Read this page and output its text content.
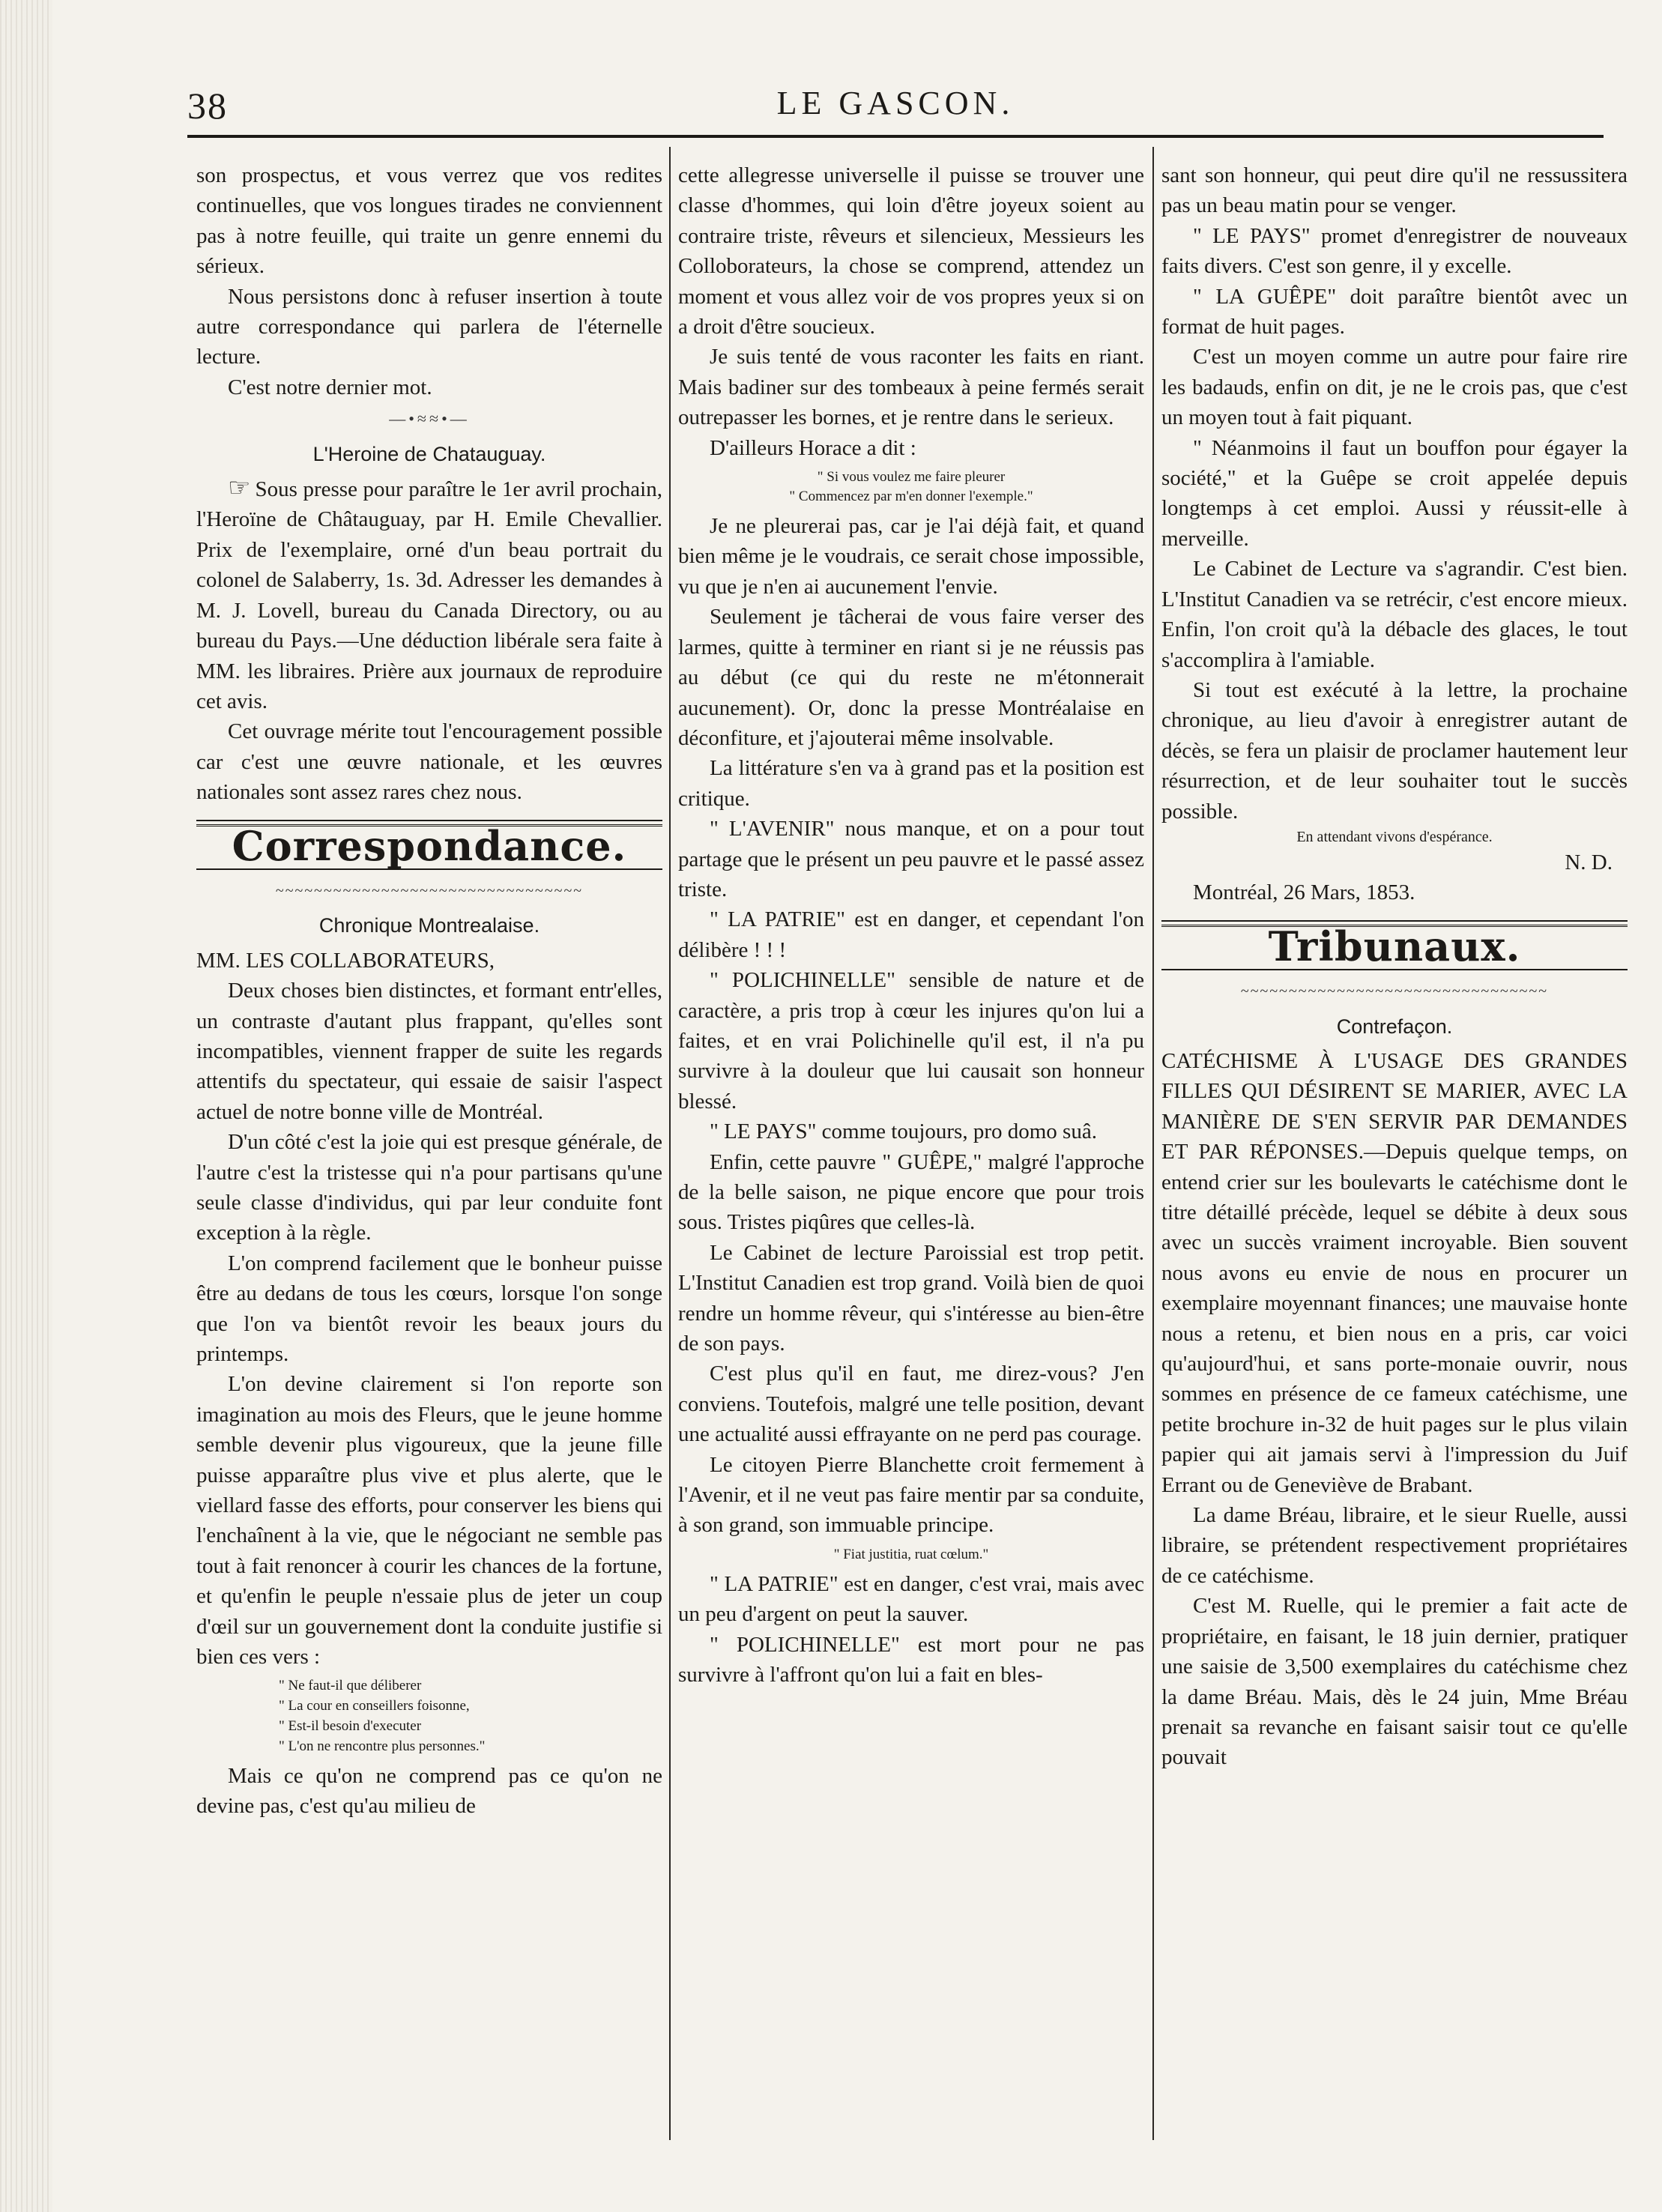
38	LE GASCON.

son prospectus, et vous verrez que vos redites continuelles, que vos longues tirades ne conviennent pas à notre feuille, qui traite un genre ennemi du sérieux.

Nous persistons donc à refuser insertion à toute autre correspondance qui parlera de l'éternelle lecture.

C'est notre dernier mot.

—•≈≈•—
L'Heroine de Chatauguay.

☞ Sous presse pour paraître le 1er avril prochain, l'Heroïne de Châtauguay, par H. Emile Chevallier. Prix de l'exemplaire, orné d'un beau portrait du colonel de Salaberry, 1s. 3d. Adresser les demandes à M. J. Lovell, bureau du Canada Directory, ou au bureau du Pays.—Une déduction libérale sera faite à MM. les libraires. Prière aux journaux de reproduire cet avis.

Cet ouvrage mérite tout l'encouragement possible car c'est une œuvre nationale, et les œuvres nationales sont assez rares chez nous.

Correspondance.
~~~~~~~~~~~~~~~~~~~~~~~~~~~~~~~~
Chronique Montrealaise.

MM. LES COLLABORATEURS,

Deux choses bien distinctes, et formant entr'elles, un contraste d'autant plus frappant, qu'elles sont incompatibles, viennent frapper de suite les regards attentifs du spectateur, qui essaie de saisir l'aspect actuel de notre bonne ville de Montréal.

D'un côté c'est la joie qui est presque générale, de l'autre c'est la tristesse qui n'a pour partisans qu'une seule classe d'individus, qui par leur conduite font exception à la règle.

L'on comprend facilement que le bonheur puisse être au dedans de tous les cœurs, lorsque l'on songe que l'on va bientôt revoir les beaux jours du printemps.

L'on devine clairement si l'on reporte son imagination au mois des Fleurs, que le jeune homme semble devenir plus vigoureux, que la jeune fille puisse apparaître plus vive et plus alerte, que le viellard fasse des efforts, pour conserver les biens qui l'enchaînent à la vie, que le négociant ne semble pas tout à fait renoncer à courir les chances de la fortune, et qu'enfin le peuple n'essaie plus de jeter un coup d'œil sur un gouvernement dont la conduite justifie si bien ces vers :

" Ne faut-il que déliberer
" La cour en conseillers foisonne,
" Est-il besoin d'executer
" L'on ne rencontre plus personnes."

Mais ce qu'on ne comprend pas ce qu'on ne devine pas, c'est qu'au milieu de

cette allegresse universelle il puisse se trouver une classe d'hommes, qui loin d'être joyeux soient au contraire triste, rêveurs et silencieux, Messieurs les Colloborateurs, la chose se comprend, attendez un moment et vous allez voir de vos propres yeux si on a droit d'être soucieux.

Je suis tenté de vous raconter les faits en riant. Mais badiner sur des tombeaux à peine fermés serait outrepasser les bornes, et je rentre dans le serieux.

D'ailleurs Horace a dit :

" Si vous voulez me faire pleurer
" Commencez par m'en donner l'exemple."

Je ne pleurerai pas, car je l'ai déjà fait, et quand bien même je le voudrais, ce serait chose impossible, vu que je n'en ai aucunement l'envie.

Seulement je tâcherai de vous faire verser des larmes, quitte à terminer en riant si je ne réussis pas au début (ce qui du reste ne m'étonnerait aucunement). Or, donc la presse Montréalaise en déconfiture, et j'ajouterai même insolvable.

La littérature s'en va à grand pas et la position est critique.

" L'AVENIR" nous manque, et on a pour tout partage que le présent un peu pauvre et le passé assez triste.

" LA PATRIE" est en danger, et cependant l'on délibère ! ! !

" POLICHINELLE" sensible de nature et de caractère, a pris trop à cœur les injures qu'on lui a faites, et en vrai Polichinelle qu'il est, il n'a pu survivre à la douleur que lui causait son honneur blessé.

" LE PAYS" comme toujours, pro domo suâ.

Enfin, cette pauvre " GUÊPE," malgré l'approche de la belle saison, ne pique encore que pour trois sous. Tristes piqûres que celles-là.

Le Cabinet de lecture Paroissial est trop petit. L'Institut Canadien est trop grand. Voilà bien de quoi rendre un homme rêveur, qui s'intéresse au bien-être de son pays.

C'est plus qu'il en faut, me direz-vous? J'en conviens. Toutefois, malgré une telle position, devant une actualité aussi effrayante on ne perd pas courage.

Le citoyen Pierre Blanchette croit fermement à l'Avenir, et il ne veut pas faire mentir par sa conduite, à son grand, son immuable principe.

" Fiat justitia, ruat cœlum."

" LA PATRIE" est en danger, c'est vrai, mais avec un peu d'argent on peut la sauver.

" POLICHINELLE" est mort pour ne pas survivre à l'affront qu'on lui a fait en bles-

sant son honneur, qui peut dire qu'il ne ressussitera pas un beau matin pour se venger.

" LE PAYS" promet d'enregistrer de nouveaux faits divers. C'est son genre, il y excelle.

" LA GUÊPE" doit paraître bientôt avec un format de huit pages.

C'est un moyen comme un autre pour faire rire les badauds, enfin on dit, je ne le crois pas, que c'est un moyen tout à fait piquant.

" Néanmoins il faut un bouffon pour égayer la société," et la Guêpe se croit appelée depuis longtemps à cet emploi. Aussi y réussit-elle à merveille.

Le Cabinet de Lecture va s'agrandir. C'est bien. L'Institut Canadien va se retrécir, c'est encore mieux. Enfin, l'on croit qu'à la débacle des glaces, le tout s'accomplira à l'amiable.

Si tout est exécuté à la lettre, la prochaine chronique, au lieu d'avoir à enregistrer autant de décès, se fera un plaisir de proclamer hautement leur résurrection, et de leur souhaiter tout le succès possible.

En attendant vivons d'espérance.

N. D.

Montréal, 26 Mars, 1853.

Tribunaux.
~~~~~~~~~~~~~~~~~~~~~~~~~~~~~~~~
Contrefaçon.

CATÉCHISME À L'USAGE DES GRANDES FILLES QUI DÉSIRENT SE MARIER, AVEC LA MANIÈRE DE S'EN SERVIR PAR DEMANDES ET PAR RÉPONSES.—Depuis quelque temps, on entend crier sur les boulevarts le catéchisme dont le titre détaillé précède, lequel se débite à deux sous avec un succès vraiment incroyable. Bien souvent nous avons eu envie de nous en procurer un exemplaire moyennant finances; une mauvaise honte nous a retenu, et bien nous en a pris, car voici qu'aujourd'hui, et sans porte-monaie ouvrir, nous sommes en présence de ce fameux catéchisme, une petite brochure in-32 de huit pages sur le plus vilain papier qui ait jamais servi à l'impression du Juif Errant ou de Geneviève de Brabant.

La dame Bréau, libraire, et le sieur Ruelle, aussi libraire, se prétendent respectivement propriétaires de ce catéchisme.

C'est M. Ruelle, qui le premier a fait acte de propriétaire, en faisant, le 18 juin dernier, pratiquer une saisie de 3,500 exemplaires du catéchisme chez la dame Bréau. Mais, dès le 24 juin, Mme Bréau prenait sa revanche en faisant saisir tout ce qu'elle pouvait
